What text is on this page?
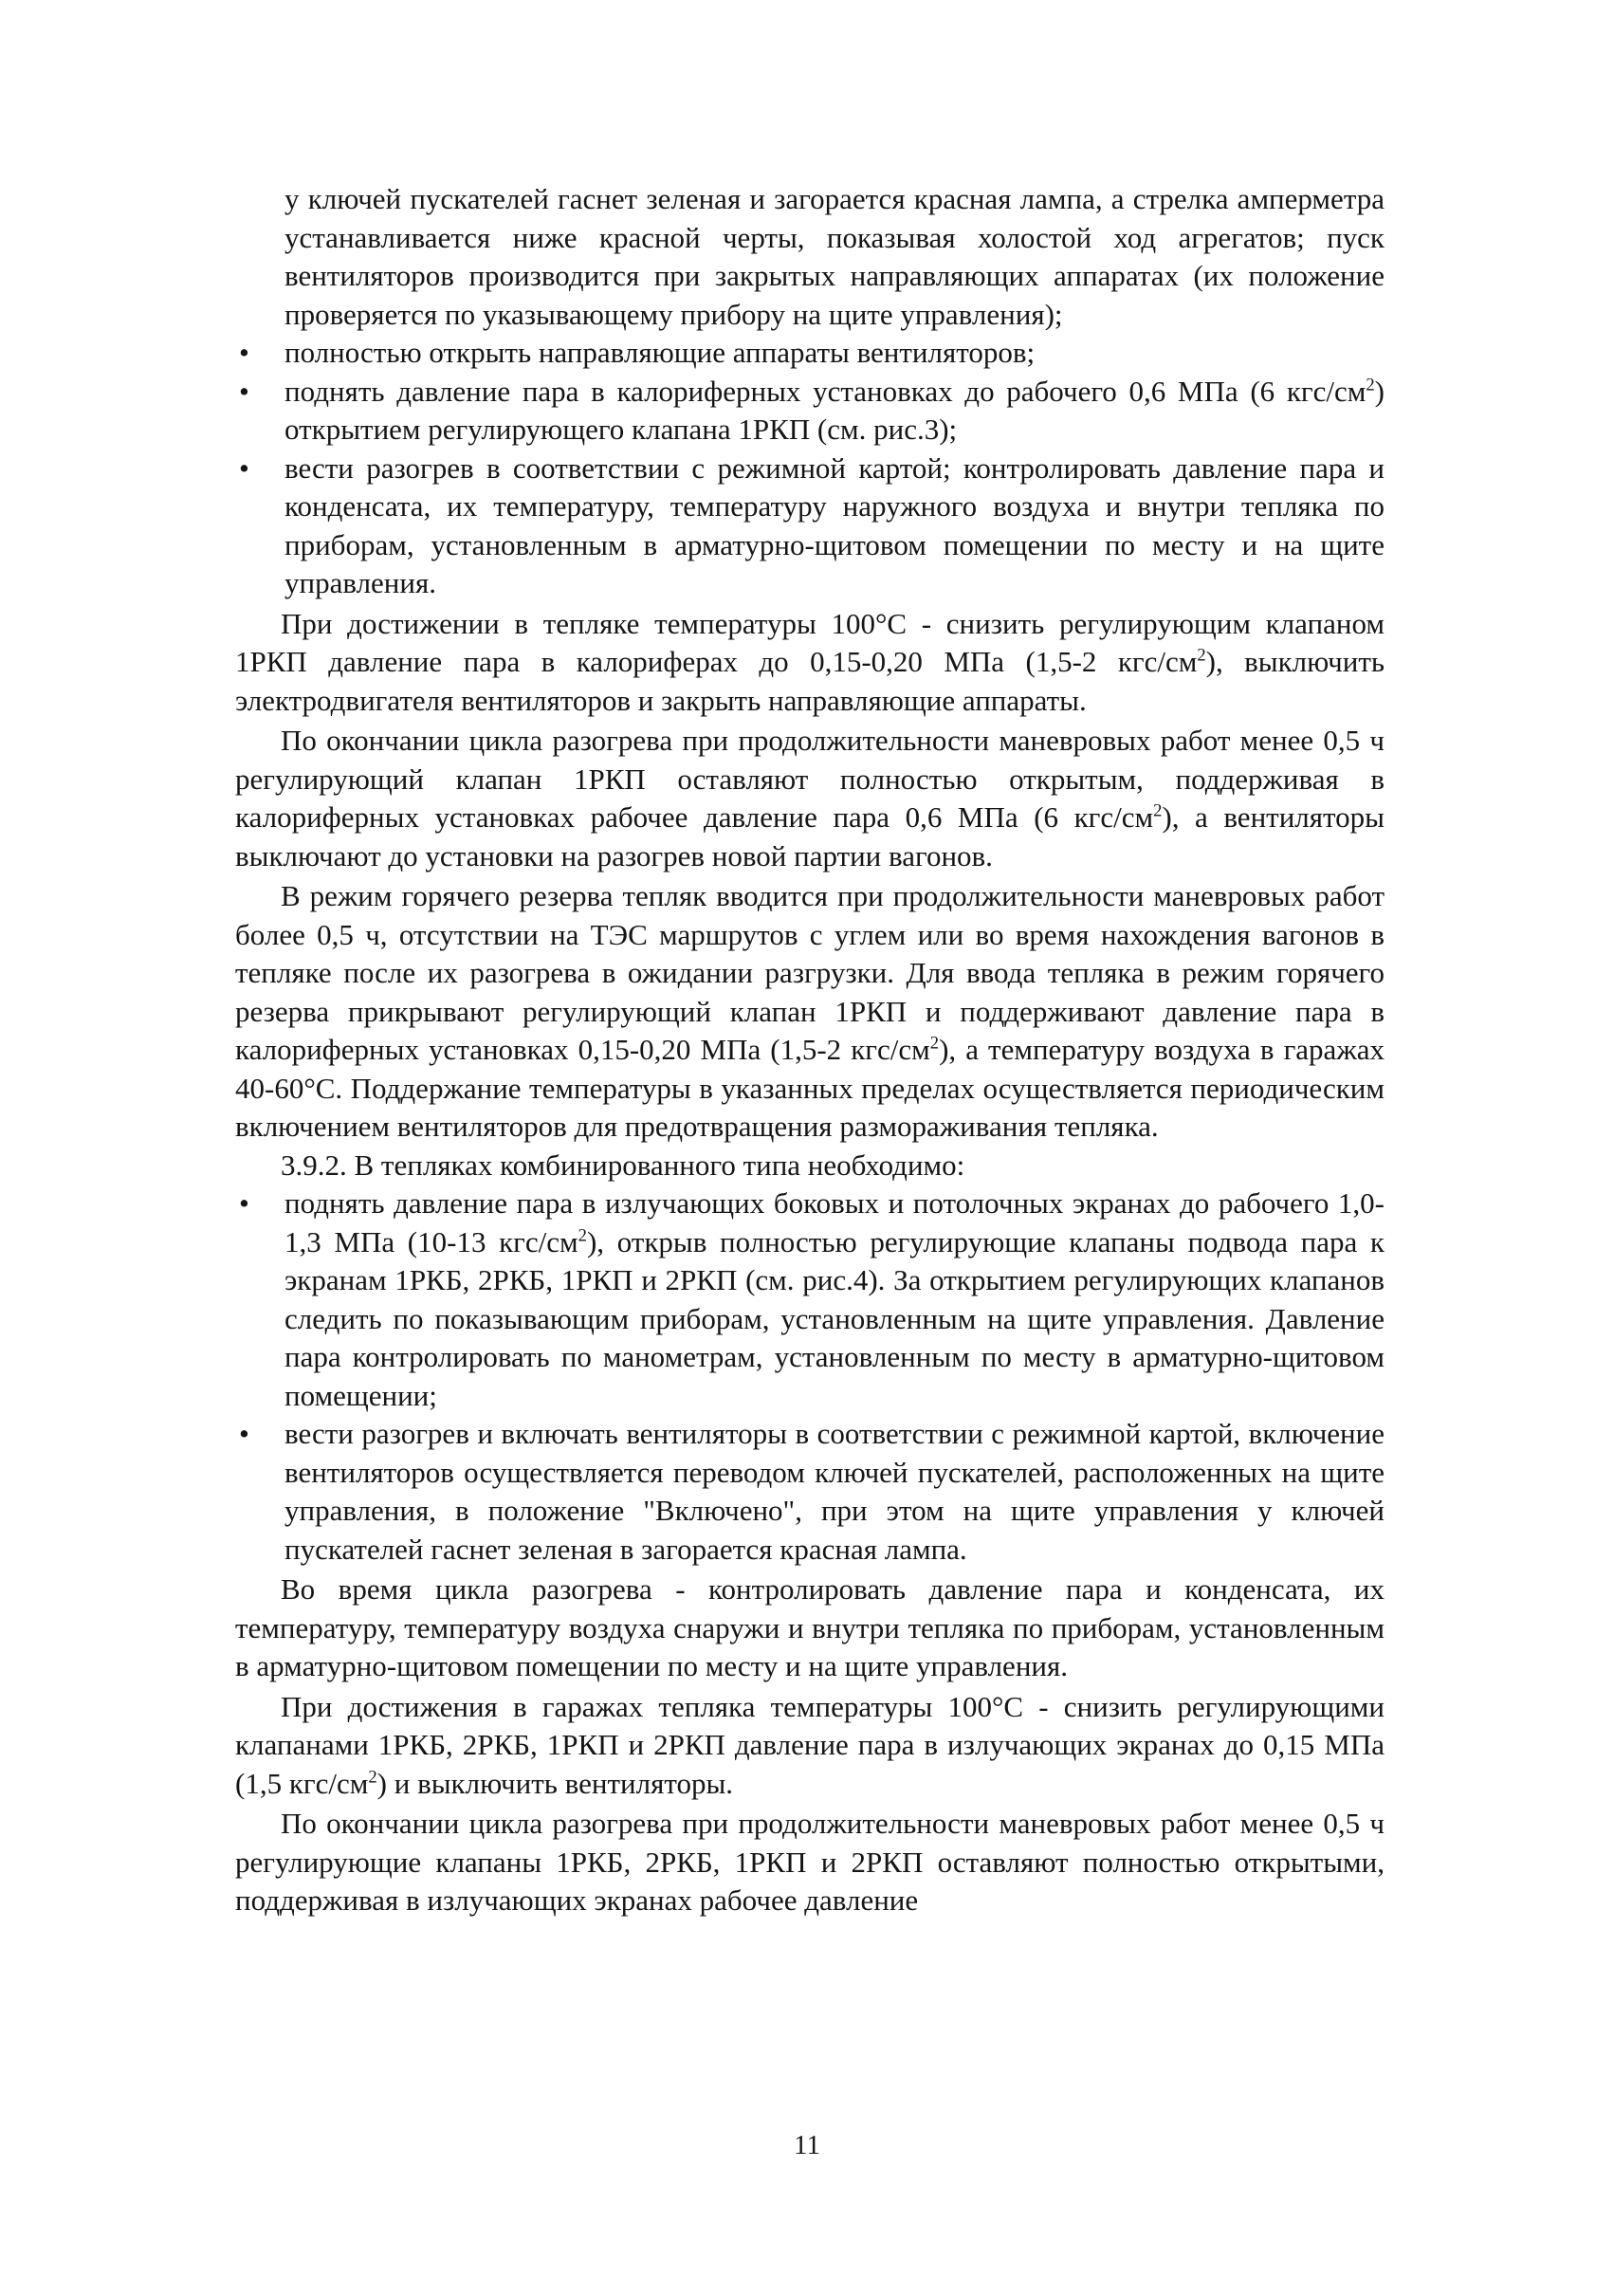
у ключей пускателей гаснет зеленая и загорается красная лампа, а стрелка амперметра устанавливается ниже красной черты, показывая холостой ход агрегатов; пуск вентиляторов производится при закрытых направляющих аппаратах (их положение проверяется по указывающему прибору на щите управления);

• полностью открыть направляющие аппараты вентиляторов;
• поднять давление пара в калориферных установках до рабочего 0,6 МПа (6 кгс/$см^2$) открытием регулирующего клапана 1РКП (см. рис.3);
• вести разогрев в соответствии с режимной картой; контролировать давление пара и конденсата, их температуру, температуру наружного воздуха и внутри тепляка по приборам, установленным в арматурно-щитовом помещении по месту и на щите управления.

При достижении в тепляке температуры 100°С - снизить регулирующим клапаном 1РКП давление пара в калориферах до 0,15-0,20 МПа (1,5-2 кгс/$см^2$), выключить электродвигателя вентиляторов и закрыть направляющие аппараты.

По окончании цикла разогрева при продолжительности маневровых работ менее 0,5 ч регулирующий клапан 1РКП оставляют полностью открытым, поддерживая в калориферных установках рабочее давление пара 0,6 МПа (6 кгс/$см^2$), а вентиляторы выключают до установки на разогрев новой партии вагонов.

В режим горячего резерва тепляк вводится при продолжительности маневровых работ более 0,5 ч, отсутствии на ТЭС маршрутов с углем или во время нахождения вагонов в тепляке после их разогрева в ожидании разгрузки. Для ввода тепляка в режим горячего резерва прикрывают регулирующий клапан 1РКП и поддерживают давление пара в калориферных установках 0,15-0,20 МПа (1,5-2 кгс/$см^2$), а температуру воздуха в гаражах 40-60°С. Поддержание температуры в указанных пределах осуществляется периодическим включением вентиляторов для предотвращения размораживания тепляка.

3.9.2. В тепляках комбинированного типа необходимо:

• поднять давление пара в излучающих боковых и потолочных экранах до рабочего 1,0-1,3 МПа (10-13 кгс/$см^2$), открыв полностью регулирующие клапаны подвода пара к экранам 1РКБ, 2РКБ, 1РКП и 2РКП (см. рис.4). За открытием регулирующих клапанов следить по показывающим приборам, установленным на щите управления. Давление пара контролировать по манометрам, установленным по месту в арматурно-щитовом помещении;
• вести разогрев и включать вентиляторы в соответствии с режимной картой, включение вентиляторов осуществляется переводом ключей пускателей, расположенных на щите управления, в положение "Включено", при этом на щите управления у ключей пускателей гаснет зеленая в загорается красная лампа.

Во время цикла разогрева - контролировать давление пара и конденсата, их температуру, температуру воздуха снаружи и внутри тепляка по приборам, установленным в арматурно-щитовом помещении по месту и на щите управления.

При достижения в гаражах тепляка температуры 100°С - снизить регулирующими клапанами 1РКБ, 2РКБ, 1РКП и 2РКП давление пара в излучающих экранах до 0,15 МПа (1,5 кгс/$см^2$) и выключить вентиляторы.

По окончании цикла разогрева при продолжительности маневровых работ менее 0,5 ч регулирующие клапаны 1РКБ, 2РКБ, 1РКП и 2РКП оставляют полностью открытыми, поддерживая в излучающих экранах рабочее давление

11
